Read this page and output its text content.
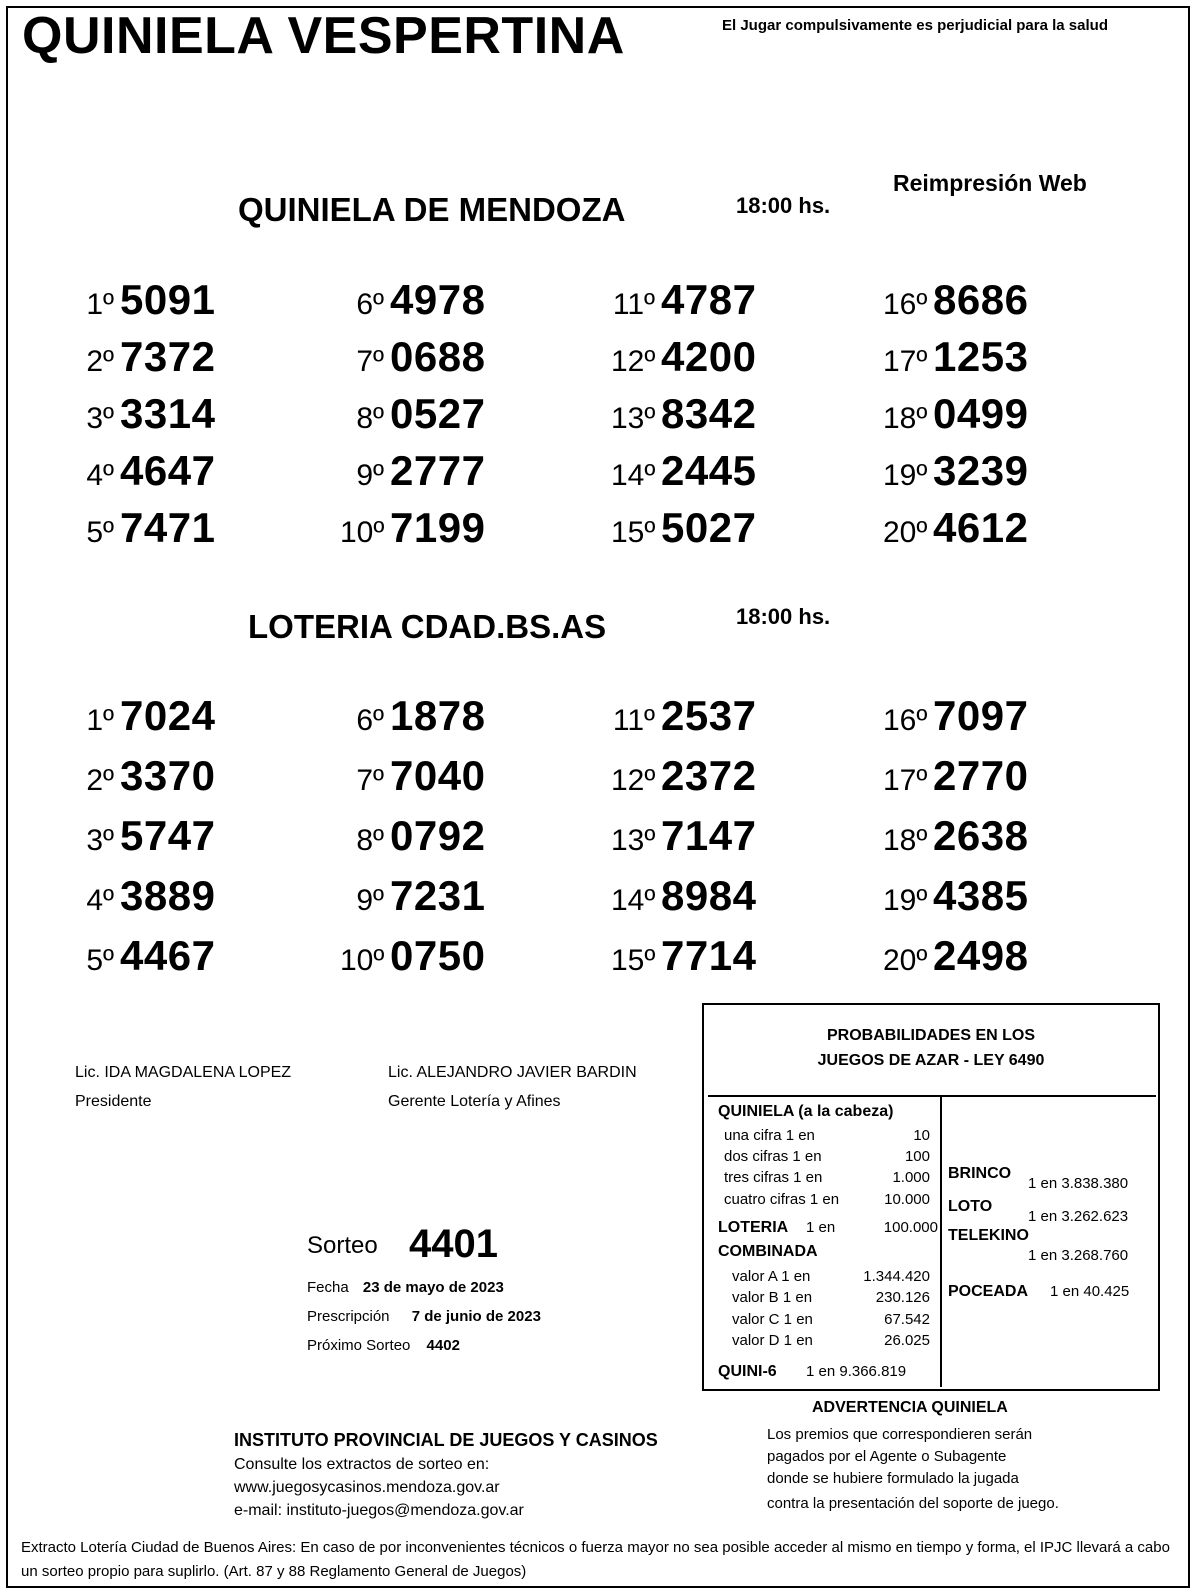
QUINIELA VESPERTINA	El Jugar compulsivamente es perjudicial para la salud
Reimpresión Web
QUINIELA DE MENDOZA	18:00 hs.
1º 5091	6º 4978	11º 4787	16º 8686
2º 7372	7º 0688	12º 4200	17º 1253
3º 3314	8º 0527	13º 8342	18º 0499
4º 4647	9º 2777	14º 2445	19º 3239
5º 7471	10º 7199	15º 5027	20º 4612
LOTERIA CDAD.BS.AS	18:00 hs.
1º 7024	6º 1878	11º 2537	16º 7097
2º 3370	7º 7040	12º 2372	17º 2770
3º 5747	8º 0792	13º 7147	18º 2638
4º 3889	9º 7231	14º 8984	19º 4385
5º 4467	10º 0750	15º 7714	20º 2498
Lic. IDA MAGDALENA LOPEZ
Presidente
Lic. ALEJANDRO JAVIER BARDIN
Gerente Lotería y Afines
Sorteo 4401
Fecha 23 de mayo de 2023
Prescripción 7 de junio de 2023
Próximo Sorteo 4402
PROBABILIDADES EN LOS
JUEGOS DE AZAR - LEY 6490
QUINIELA (a la cabeza)
una cifra 1 en	10
dos cifras 1 en	100
tres cifras 1 en	1.000
cuatro cifras 1 en	10.000
LOTERIA 1 en	100.000
COMBINADA
valor A 1 en	1.344.420
valor B 1 en	230.126
valor C 1 en	67.542
valor D 1 en	26.025
QUINI-6 1 en 9.366.819
BRINCO
1 en 3.838.380
LOTO
1 en 3.262.623
TELEKINO
1 en 3.268.760
POCEADA 1 en 40.425
ADVERTENCIA QUINIELA
Los premios que correspondieren serán
pagados por el Agente o Subagente
donde se hubiere formulado la jugada
contra la presentación del soporte de juego.
INSTITUTO PROVINCIAL DE JUEGOS Y CASINOS
Consulte los extractos de sorteo en:
www.juegosycasinos.mendoza.gov.ar
e-mail: instituto-juegos@mendoza.gov.ar
Extracto Lotería Ciudad de Buenos Aires: En caso de por inconvenientes técnicos o fuerza mayor no sea posible acceder al mismo en tiempo y forma, el IPJC llevará a cabo un sorteo propio para suplirlo. (Art. 87 y 88 Reglamento General de Juegos)
